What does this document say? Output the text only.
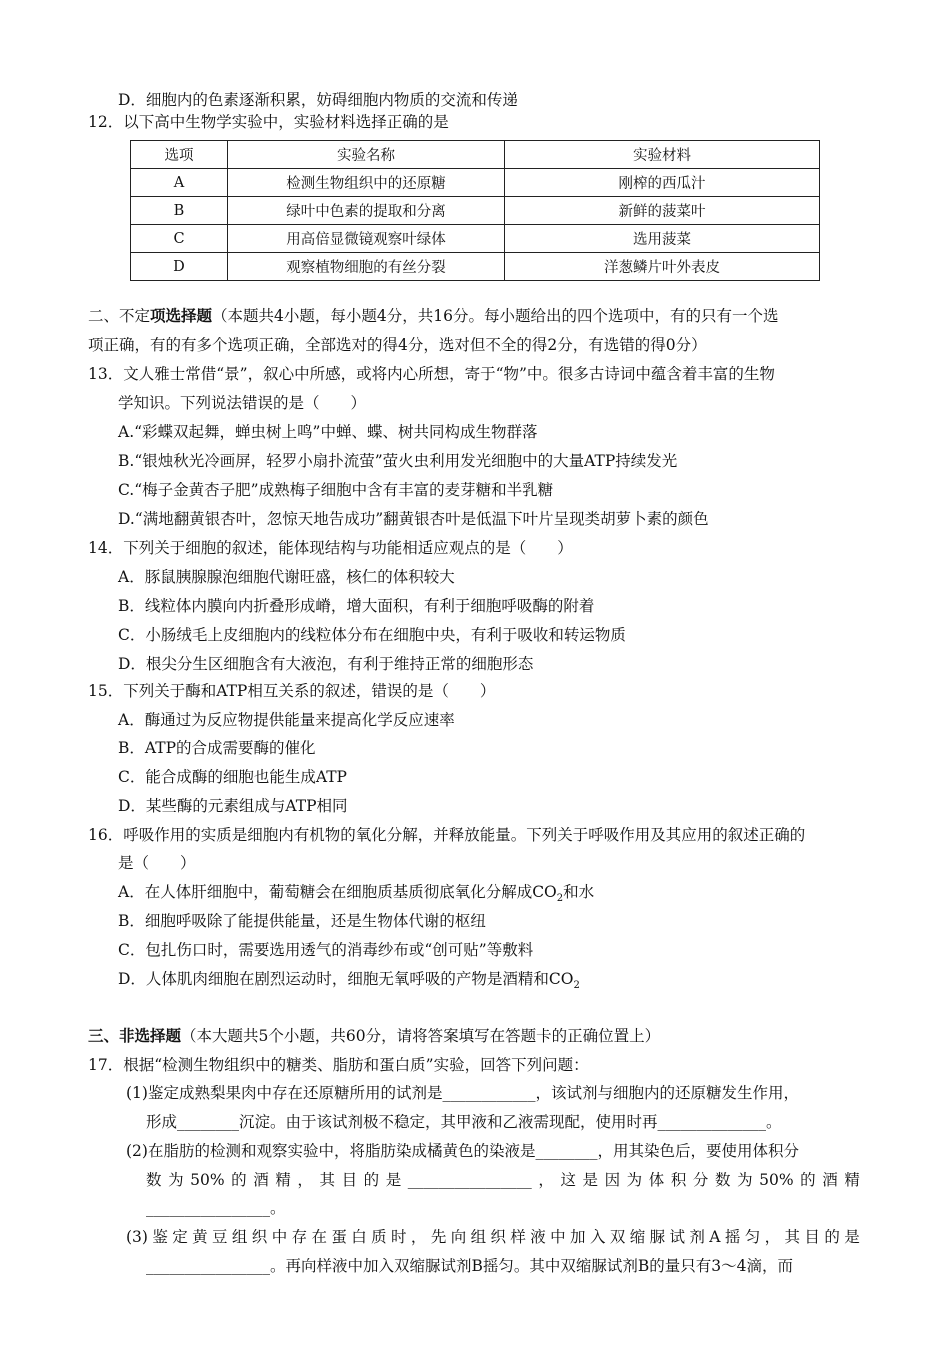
D．细胞内的色素逐渐积累，妨碍细胞内物质的交流和传递
12．以下高中生物学实验中，实验材料选择正确的是
选项	实验名称	实验材料
A	检测生物组织中的还原糖	刚榨的西瓜汁
B	绿叶中色素的提取和分离	新鲜的菠菜叶
C	用高倍显微镜观察叶绿体	选用菠菜
D	观察植物细胞的有丝分裂	洋葱鳞片叶外表皮
二、不定项选择题（本题共4小题，每小题4分，共16分。每小题给出的四个选项中，有的只有一个选
项正确，有的有多个选项正确，全部选对的得4分，选对但不全的得2分，有选错的得0分）
13．文人雅士常借“景”，叙心中所感，或将内心所想，寄于“物”中。很多古诗词中蕴含着丰富的生物
学知识。下列说法错误的是（　　）
A.“彩蝶双起舞，蝉虫树上鸣”中蝉、蝶、树共同构成生物群落
B.“银烛秋光冷画屏，轻罗小扇扑流萤”萤火虫利用发光细胞中的大量ATP持续发光
C.“梅子金黄杏子肥”成熟梅子细胞中含有丰富的麦芽糖和半乳糖
D.“满地翻黄银杏叶，忽惊天地告成功”翻黄银杏叶是低温下叶片呈现类胡萝卜素的颜色
14．下列关于细胞的叙述，能体现结构与功能相适应观点的是（　　）
A．豚鼠胰腺腺泡细胞代谢旺盛，核仁的体积较大
B．线粒体内膜向内折叠形成嵴，增大面积，有利于细胞呼吸酶的附着
C．小肠绒毛上皮细胞内的线粒体分布在细胞中央，有利于吸收和转运物质
D．根尖分生区细胞含有大液泡，有利于维持正常的细胞形态
15．下列关于酶和ATP相互关系的叙述，错误的是（　　）
A．酶通过为反应物提供能量来提高化学反应速率
B．ATP的合成需要酶的催化
C．能合成酶的细胞也能生成ATP
D．某些酶的元素组成与ATP相同
16．呼吸作用的实质是细胞内有机物的氧化分解，并释放能量。下列关于呼吸作用及其应用的叙述正确的
是（　　）
A．在人体肝细胞中，葡萄糖会在细胞质基质彻底氧化分解成$CO_2$和水
B．细胞呼吸除了能提供能量，还是生物体代谢的枢纽
C．包扎伤口时，需要选用透气的消毒纱布或“创可贴”等敷料
D．人体肌肉细胞在剧烈运动时，细胞无氧呼吸的产物是酒精和$CO_2$
三、非选择题（本大题共5个小题，共60分，请将答案填写在答题卡的正确位置上）
17．根据“检测生物组织中的糖类、脂肪和蛋白质”实验，回答下列问题：
(1)鉴定成熟梨果肉中存在还原糖所用的试剂是____________，该试剂与细胞内的还原糖发生作用，
形成________沉淀。由于该试剂极不稳定，其甲液和乙液需现配，使用时再______________。
(2)在脂肪的检测和观察实验中，将脂肪染成橘黄色的染液是________，用其染色后，要使用体积分
数 为 50% 的 酒 精 ， 其 目 的 是 ________________ ， 这 是 因 为 体 积 分 数 为 50% 的 酒 精
________________。
(3) 鉴 定 黄 豆 组 织 中 存 在 蛋 白 质 时 ， 先 向 组 织 样 液 中 加 入 双 缩 脲 试 剂 A 摇 匀 ， 其 目 的 是
________________。再向样液中加入双缩脲试剂B摇匀。其中双缩脲试剂B的量只有3～4滴，而
